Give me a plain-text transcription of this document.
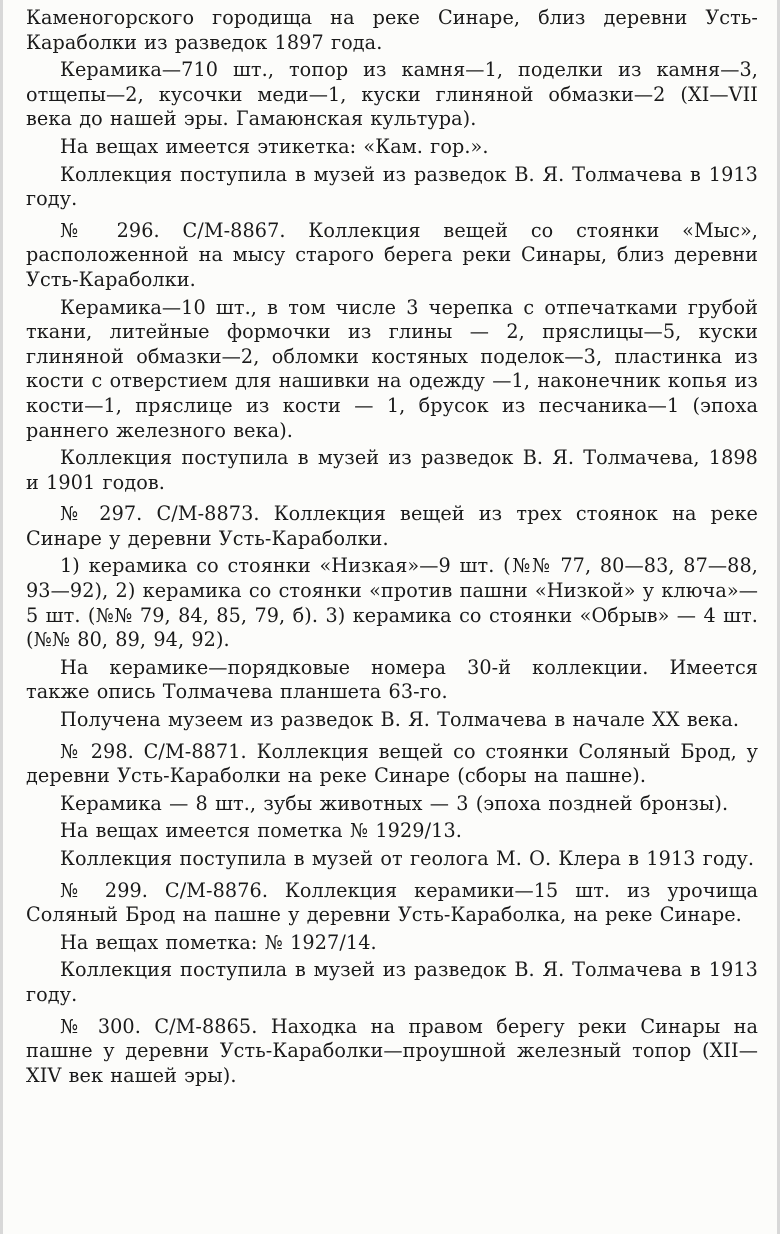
Каменогорского городища на реке Синаре, близ деревни Усть-Караболки из разведок 1897 года.

Керамика—710 шт., топор из камня—1, поделки из камня—3, отщепы—2, кусочки меди—1, куски глиняной обмазки—2 (XI—VII века до нашей эры. Гамаюнская культура).

На вещах имеется этикетка: «Кам. гор.».

Коллекция поступила в музей из разведок В. Я. Толмачева в 1913 году.

№ 296. С/М-8867. Коллекция вещей со стоянки «Мыс», расположенной на мысу старого берега реки Синары, близ деревни Усть-Караболки.

Керамика—10 шт., в том числе 3 черепка с отпечатками грубой ткани, литейные формочки из глины — 2, пряслицы—5, куски глиняной обмазки—2, обломки костяных поделок—3, пластинка из кости с отверстием для нашивки на одежду —1, наконечник копья из кости—1, пряслице из кости — 1, брусок из песчаника—1 (эпоха раннего железного века).

Коллекция поступила в музей из разведок В. Я. Толмачева, 1898 и 1901 годов.

№ 297. С/М-8873. Коллекция вещей из трех стоянок на реке Синаре у деревни Усть-Караболки.

1) керамика со стоянки «Низкая»—9 шт. (№№ 77, 80—83, 87—88, 93—92), 2) керамика со стоянки «против пашни «Низкой» у ключа»—5 шт. (№№ 79, 84, 85, 79, б). 3) керамика со стоянки «Обрыв» — 4 шт. (№№ 80, 89, 94, 92).

На керамике—порядковые номера 30-й коллекции. Имеется также опись Толмачева планшета 63-го.

Получена музеем из разведок В. Я. Толмачева в начале XX века.

№ 298. С/М-8871. Коллекция вещей со стоянки Соляный Брод, у деревни Усть-Караболки на реке Синаре (сборы на пашне).

Керамика — 8 шт., зубы животных — 3 (эпоха поздней бронзы).

На вещах имеется пометка № 1929/13.

Коллекция поступила в музей от геолога М. О. Клера в 1913 году.

№ 299. С/М-8876. Коллекция керамики—15 шт. из урочища Соляный Брод на пашне у деревни Усть-Караболка, на реке Синаре.

На вещах пометка: № 1927/14.

Коллекция поступила в музей из разведок В. Я. Толмачева в 1913 году.

№ 300. С/М-8865. Находка на правом берегу реки Синары на пашне у деревни Усть-Караболки—проушной железный топор (XII—XIV век нашей эры).
